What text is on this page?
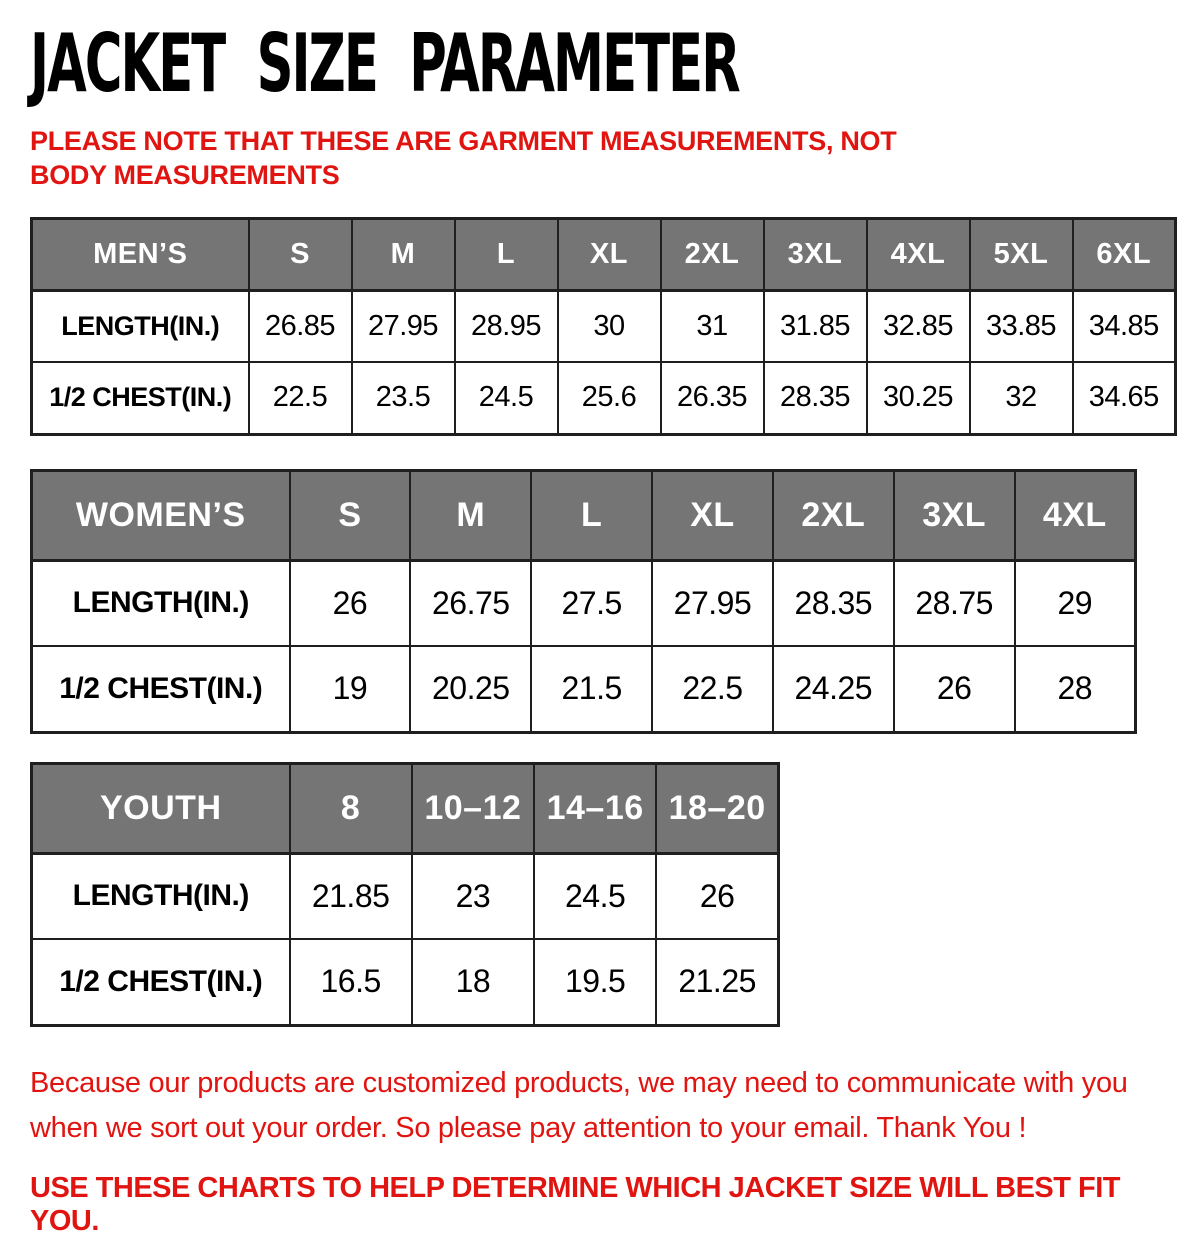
JACKET SIZE PARAMETER
PLEASE NOTE THAT THESE ARE GARMENT MEASUREMENTS, NOT BODY MEASUREMENTS
MEN’S	S	M	L	XL	2XL	3XL	4XL	5XL	6XL
LENGTH(IN.)	26.85	27.95	28.95	30	31	31.85	32.85	33.85	34.85
1/2 CHEST(IN.)	22.5	23.5	24.5	25.6	26.35	28.35	30.25	32	34.65
WOMEN’S	S	M	L	XL	2XL	3XL	4XL
LENGTH(IN.)	26	26.75	27.5	27.95	28.35	28.75	29
1/2 CHEST(IN.)	19	20.25	21.5	22.5	24.25	26	28
YOUTH	8	10–12	14–16	18–20
LENGTH(IN.)	21.85	23	24.5	26
1/2 CHEST(IN.)	16.5	18	19.5	21.25
Because our products are customized products, we may need to communicate with you when we sort out your order. So please pay attention to your email. Thank You !
USE THESE CHARTS TO HELP DETERMINE WHICH JACKET SIZE WILL BEST FIT YOU.
